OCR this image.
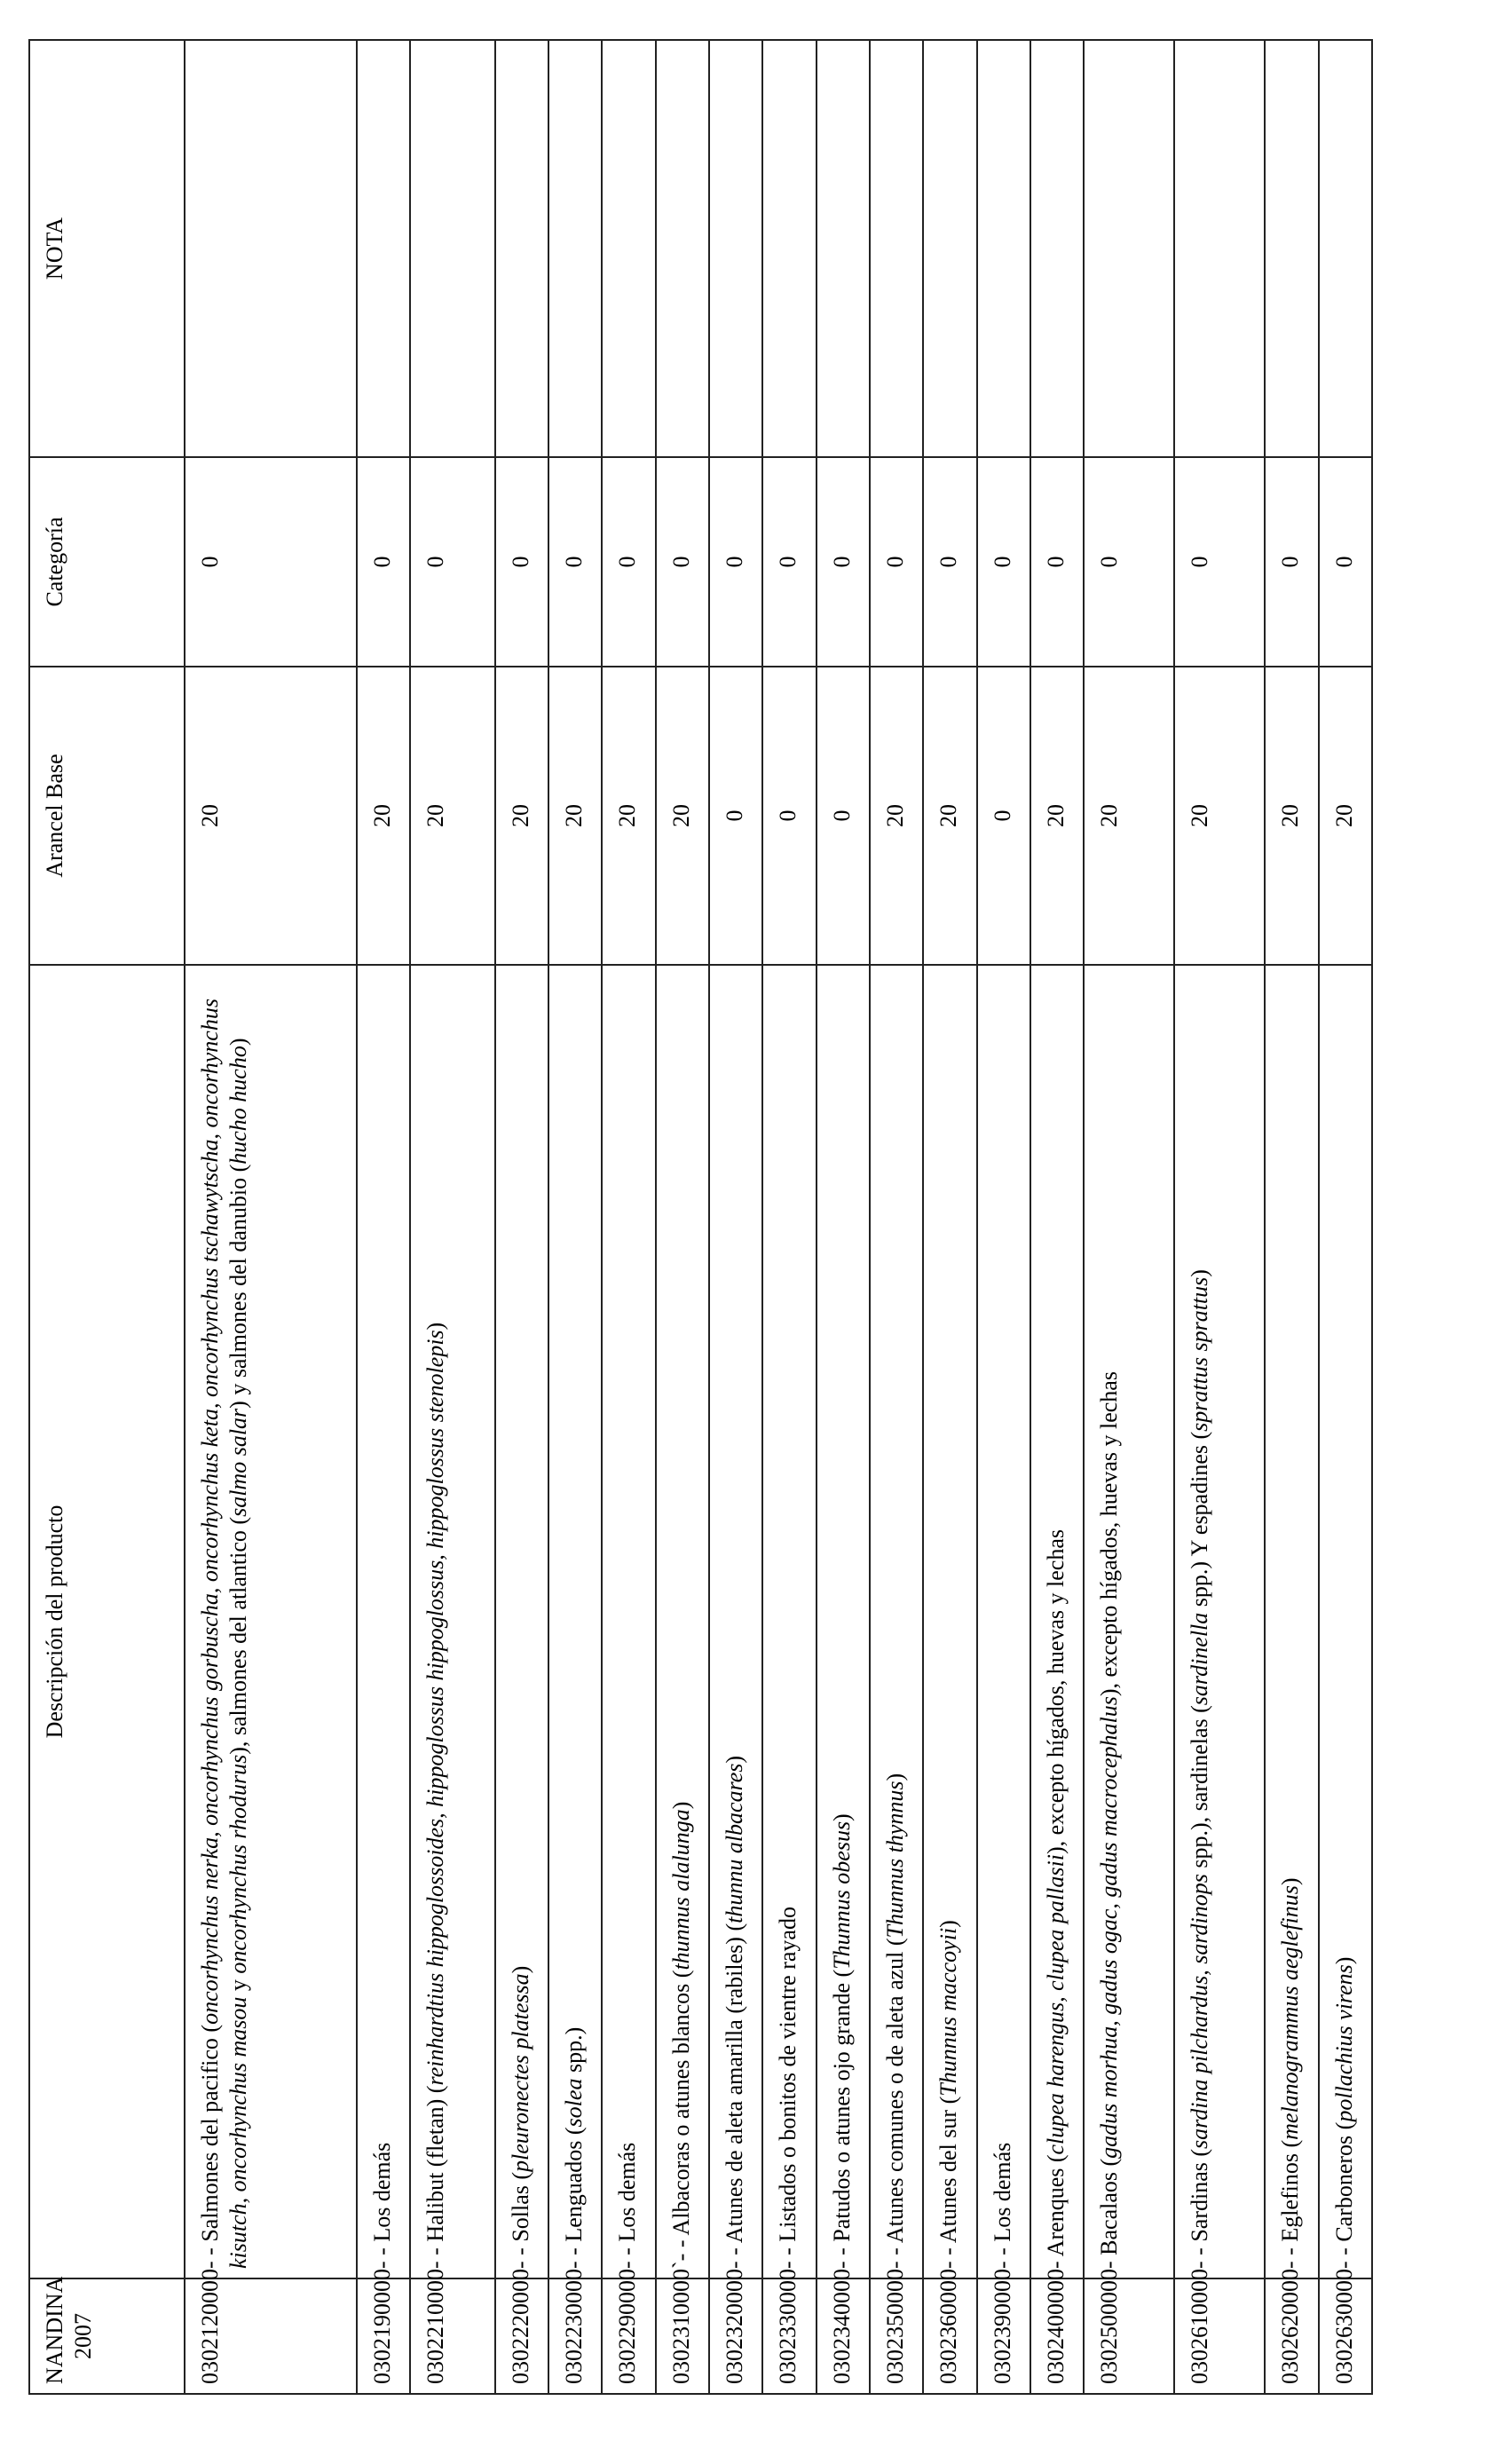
NANDINA 2007	Descripción del producto	Arancel Base	Categoría	NOTA
0302120000	- - Salmones del pacifico (oncorhynchus nerka, oncorhynchus gorbuscha, oncorhynchus keta, oncorhynchus tschawytscha, oncorhynchus  kisutch, oncorhynchus masou y oncorhynchus rhodurus), salmones del atlantico (salmo salar) y salmones del danubio (hucho hucho)	20	0	
0302190000	- - Los demás	20	0	
0302210000	- - Halibut (fletan) (reinhardtius hippoglossoides, hippoglossus hippoglossus, hippoglossus stenolepis)	20	0	
0302220000	- - Sollas (pleuronectes platessa)	20	0	
0302230000	- - Lenguados (solea spp.)	20	0	
0302290000	- - Los demás	20	0	
0302310000	`- - Albacoras o atunes blancos (thunnus alalunga)	20	0	
0302320000	- - Atunes de aleta amarilla (rabiles) (thunnu albacares)	0	0	
0302330000	- - Listados o bonitos de vientre rayado	0	0	
0302340000	- - Patudos o atunes ojo grande (Thunnus obesus)	0	0	
0302350000	- - Atunes comunes o de aleta azul (Thunnus thynnus)	20	0	
0302360000	- - Atunes del sur (Thunnus maccoyii)	20	0	
0302390000	- - Los demás	0	0	
0302400000	- Arenques (clupea harengus, clupea pallasii), excepto hígados, huevas y lechas	20	0	
0302500000	- Bacalaos (gadus morhua, gadus ogac, gadus macrocephalus), excepto hígados, huevas y lechas	20	0	
0302610000	- - Sardinas (sardina pilchardus, sardinops spp.), sardinelas (sardinella spp.) Y espadines (sprattus sprattus)	20	0	
0302620000	- - Eglefinos (melanogrammus aeglefinus)	20	0	
0302630000	- - Carboneros (pollachius virens)	20	0	
